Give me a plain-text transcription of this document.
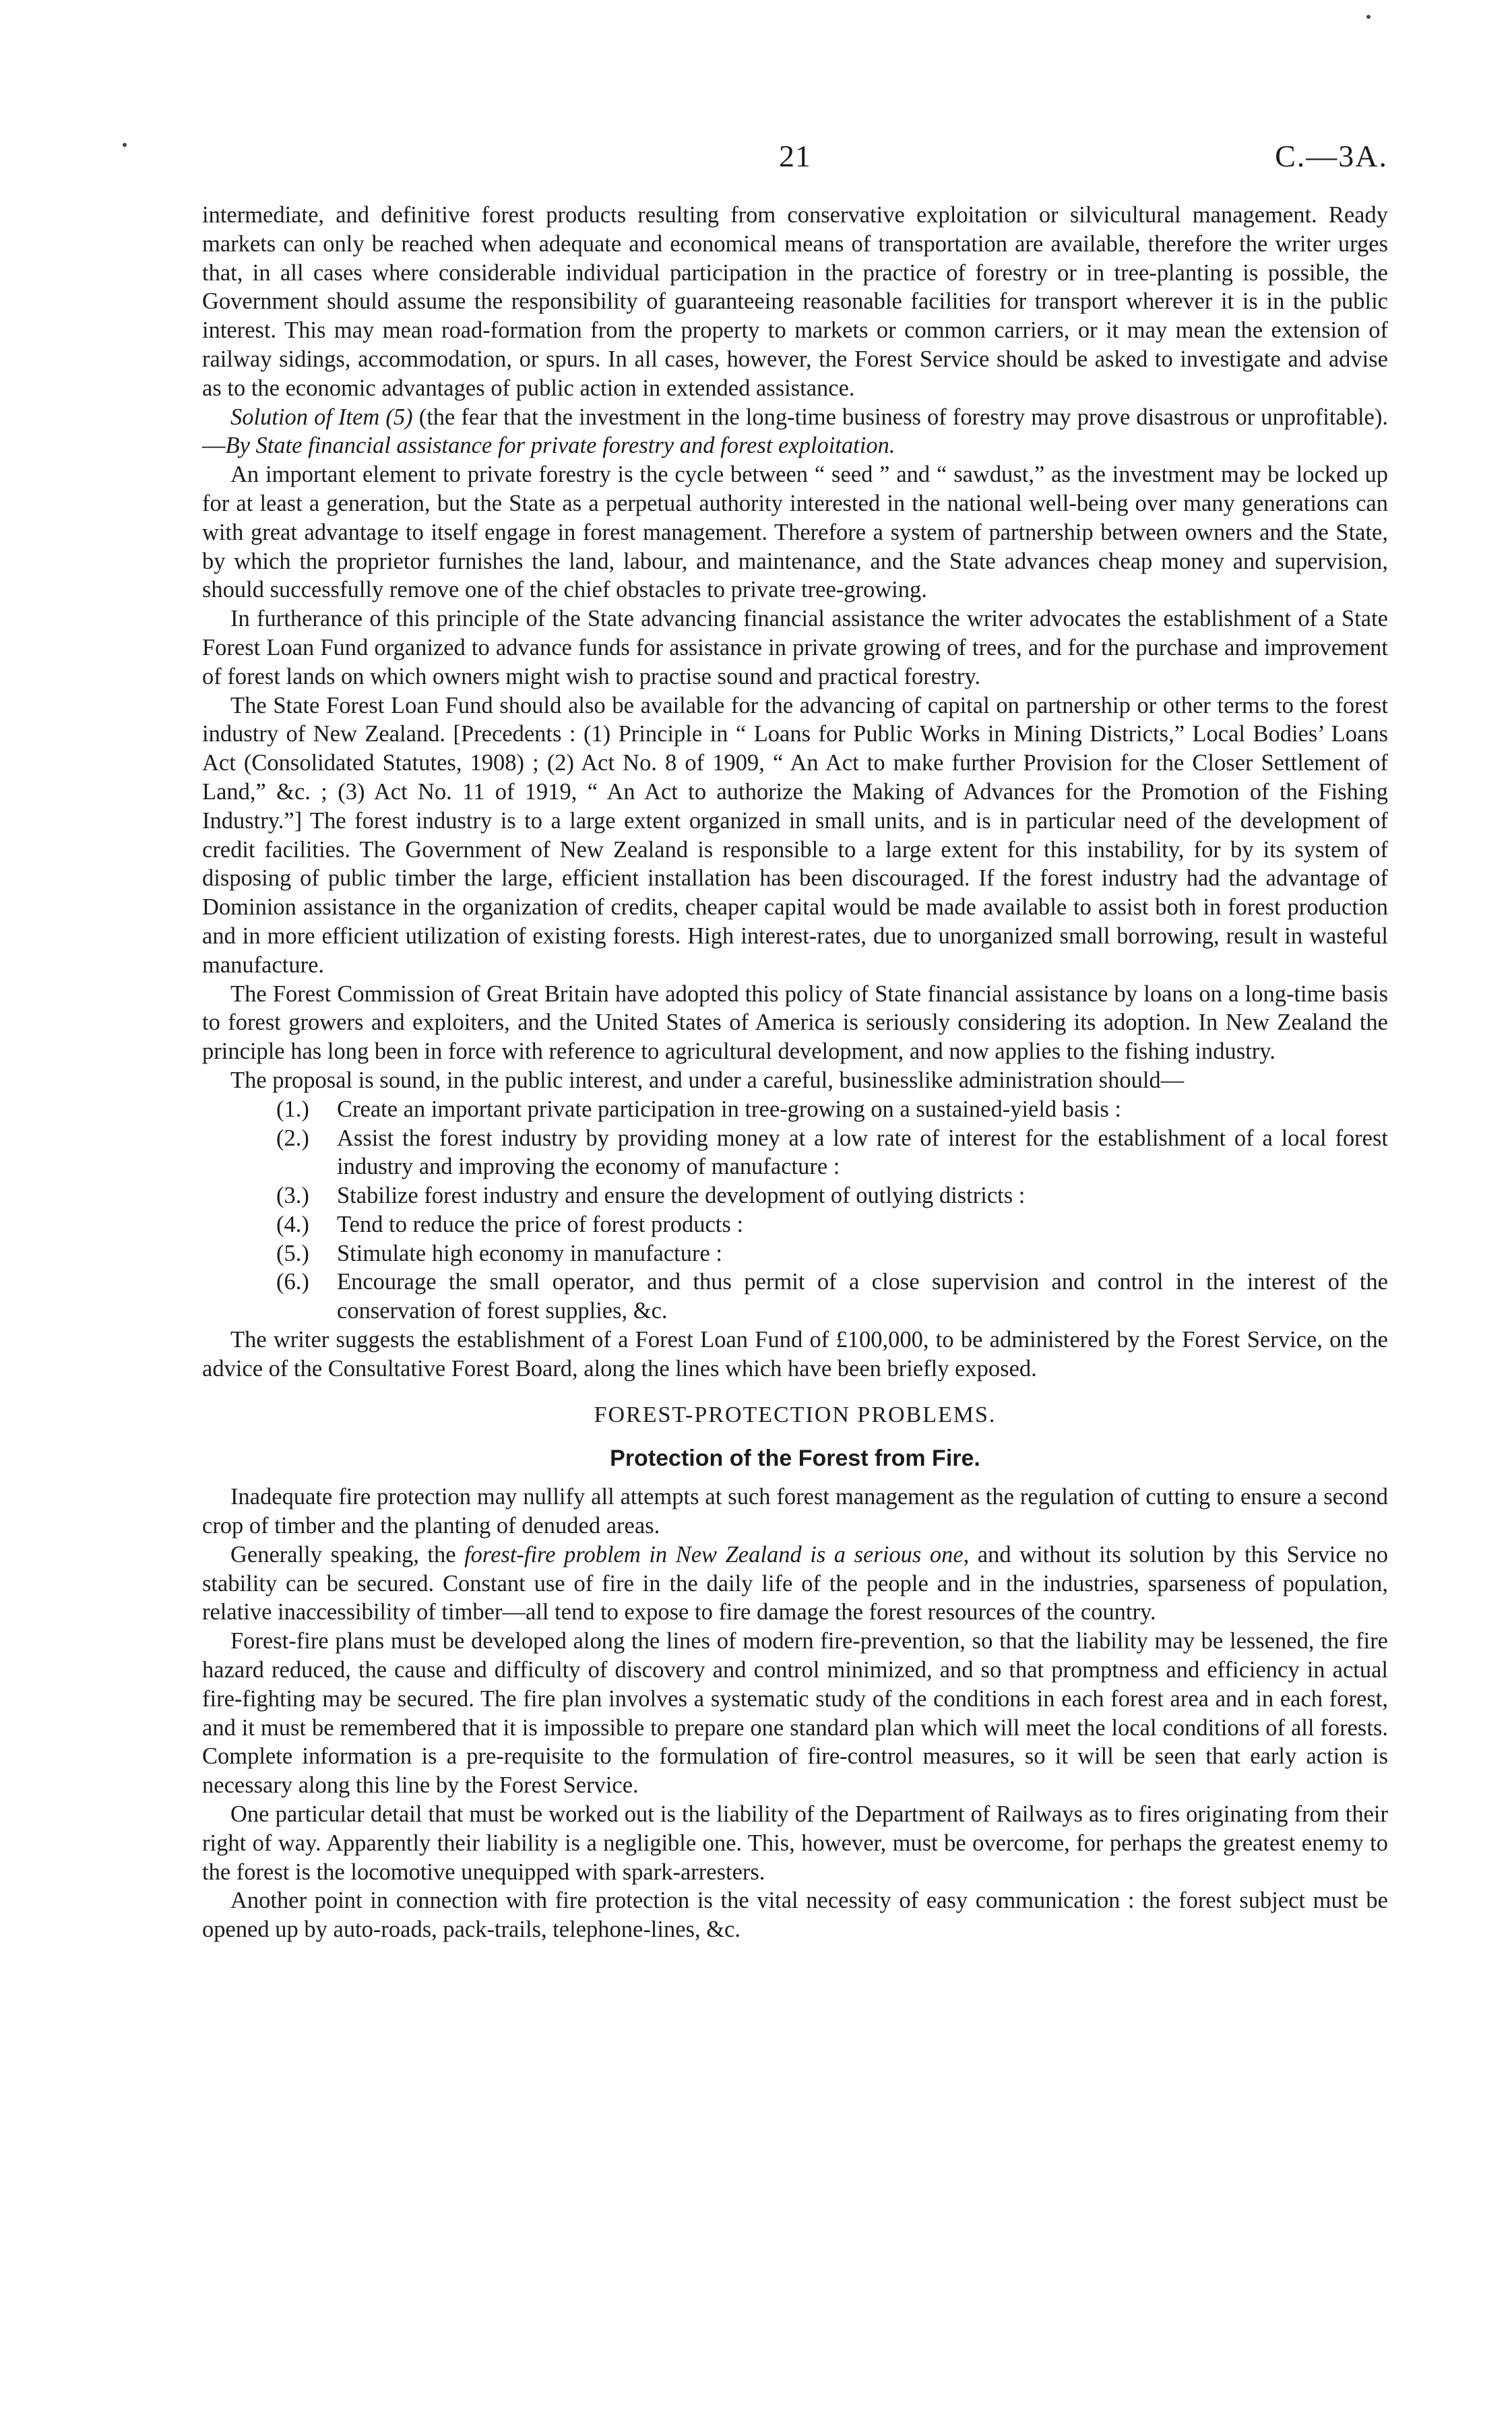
21	C.—3A.

intermediate, and definitive forest products resulting from conservative exploitation or silvicultural management. Ready markets can only be reached when adequate and economical means of transportation are available, therefore the writer urges that, in all cases where considerable individual participation in the practice of forestry or in tree-planting is possible, the Government should assume the responsibility of guaranteeing reasonable facilities for transport wherever it is in the public interest. This may mean road-formation from the property to markets or common carriers, or it may mean the extension of railway sidings, accommodation, or spurs. In all cases, however, the Forest Service should be asked to investigate and advise as to the economic advantages of public action in extended assistance.

Solution of Item (5) (the fear that the investment in the long-time business of forestry may prove disastrous or unprofitable).—By State financial assistance for private forestry and forest exploitation.

An important element to private forestry is the cycle between “ seed ” and “ sawdust,” as the investment may be locked up for at least a generation, but the State as a perpetual authority interested in the national well-being over many generations can with great advantage to itself engage in forest management. Therefore a system of partnership between owners and the State, by which the proprietor furnishes the land, labour, and maintenance, and the State advances cheap money and supervision, should successfully remove one of the chief obstacles to private tree-growing.

In furtherance of this principle of the State advancing financial assistance the writer advocates the establishment of a State Forest Loan Fund organized to advance funds for assistance in private growing of trees, and for the purchase and improvement of forest lands on which owners might wish to practise sound and practical forestry.

The State Forest Loan Fund should also be available for the advancing of capital on partnership or other terms to the forest industry of New Zealand. [Precedents : (1) Principle in “ Loans for Public Works in Mining Districts,” Local Bodies’ Loans Act (Consolidated Statutes, 1908) ; (2) Act No. 8 of 1909, “ An Act to make further Provision for the Closer Settlement of Land,” &c. ; (3) Act No. 11 of 1919, “ An Act to authorize the Making of Advances for the Promotion of the Fishing Industry.”] The forest industry is to a large extent organized in small units, and is in particular need of the development of credit facilities. The Government of New Zealand is responsible to a large extent for this instability, for by its system of disposing of public timber the large, efficient installation has been discouraged. If the forest industry had the advantage of Dominion assistance in the organization of credits, cheaper capital would be made available to assist both in forest production and in more efficient utilization of existing forests. High interest-rates, due to unorganized small borrowing, result in wasteful manufacture.

The Forest Commission of Great Britain have adopted this policy of State financial assistance by loans on a long-time basis to forest growers and exploiters, and the United States of America is seriously considering its adoption. In New Zealand the principle has long been in force with reference to agricultural development, and now applies to the fishing industry.

The proposal is sound, in the public interest, and under a careful, businesslike administration should—

(1.) Create an important private participation in tree-growing on a sustained-yield basis :
(2.) Assist the forest industry by providing money at a low rate of interest for the establishment of a local forest industry and improving the economy of manufacture :
(3.) Stabilize forest industry and ensure the development of outlying districts :
(4.) Tend to reduce the price of forest products :
(5.) Stimulate high economy in manufacture :
(6.) Encourage the small operator, and thus permit of a close supervision and control in the interest of the conservation of forest supplies, &c.

The writer suggests the establishment of a Forest Loan Fund of £100,000, to be administered by the Forest Service, on the advice of the Consultative Forest Board, along the lines which have been briefly exposed.

FOREST-PROTECTION PROBLEMS.
Protection of the Forest from Fire.

Inadequate fire protection may nullify all attempts at such forest management as the regulation of cutting to ensure a second crop of timber and the planting of denuded areas.

Generally speaking, the forest-fire problem in New Zealand is a serious one, and without its solution by this Service no stability can be secured. Constant use of fire in the daily life of the people and in the industries, sparseness of population, relative inaccessibility of timber—all tend to expose to fire damage the forest resources of the country.

Forest-fire plans must be developed along the lines of modern fire-prevention, so that the liability may be lessened, the fire hazard reduced, the cause and difficulty of discovery and control minimized, and so that promptness and efficiency in actual fire-fighting may be secured. The fire plan involves a systematic study of the conditions in each forest area and in each forest, and it must be remembered that it is impossible to prepare one standard plan which will meet the local conditions of all forests. Complete information is a pre-requisite to the formulation of fire-control measures, so it will be seen that early action is necessary along this line by the Forest Service.

One particular detail that must be worked out is the liability of the Department of Railways as to fires originating from their right of way. Apparently their liability is a negligible one. This, however, must be overcome, for perhaps the greatest enemy to the forest is the locomotive unequipped with spark-arresters.

Another point in connection with fire protection is the vital necessity of easy communication : the forest subject must be opened up by auto-roads, pack-trails, telephone-lines, &c.
